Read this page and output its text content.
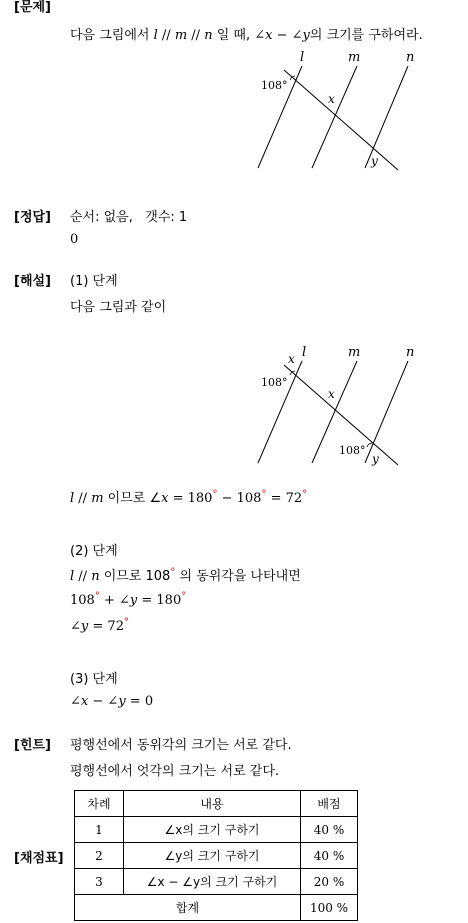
[문제]
다음 그림에서 l // m // n 일 때, ∠x − ∠y의 크기를 구하여라.
l	m	n
108°
x
y
[정답] 순서: 없음, 갯수: 1
0
[해설] (1) 단계
다음 그림과 같이
l	m	n
x
108°
x
108°
y
l // m 이므로 ∠x = 180° − 108° = 72°
(2) 단계
l // n 이므로 108° 의 동위각을 나타내면
108° + ∠y = 180°
∠y = 72°
(3) 단계
∠x − ∠y = 0
[힌트] 평행선에서 동위각의 크기는 서로 같다.
평행선에서 엇각의 크기는 서로 같다.
[채점표]
차례	내용	배점
1	∠x의 크기 구하기	40 %
2	∠y의 크기 구하기	40 %
3	∠x − ∠y의 크기 구하기	20 %
합계		100 %
